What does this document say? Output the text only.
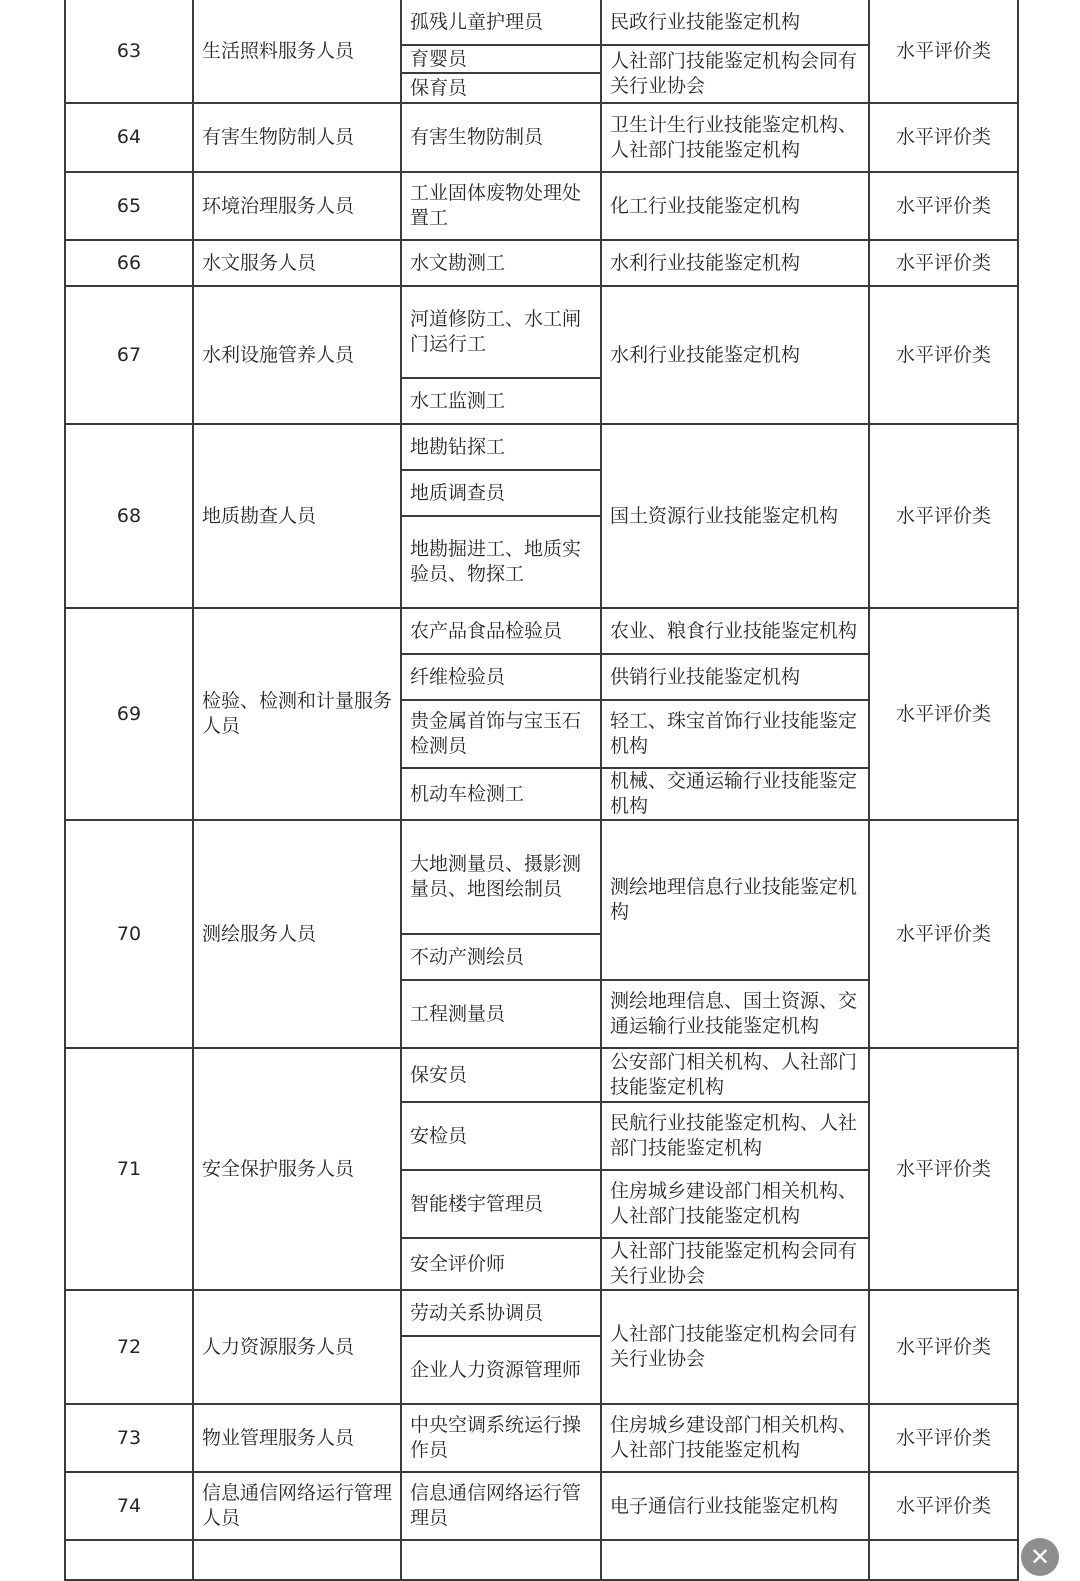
63	生活照料服务人员	孤残儿童护理员	民政行业技能鉴定机构	水平评价类
		育婴员	人社部门技能鉴定机构会同有关行业协会	
		保育员		
64	有害生物防制人员	有害生物防制员	卫生计生行业技能鉴定机构、人社部门技能鉴定机构	水平评价类
65	环境治理服务人员	工业固体废物处理处置工	化工行业技能鉴定机构	水平评价类
66	水文服务人员	水文勘测工	水利行业技能鉴定机构	水平评价类
67	水利设施管养人员	河道修防工、水工闸门运行工	水利行业技能鉴定机构	水平评价类
		水工监测工		
68	地质勘查人员	地勘钻探工	国土资源行业技能鉴定机构	水平评价类
		地质调查员		
		地勘掘进工、地质实验员、物探工		
69	检验、检测和计量服务人员	农产品食品检验员	农业、粮食行业技能鉴定机构	水平评价类
		纤维检验员	供销行业技能鉴定机构	
		贵金属首饰与宝玉石检测员	轻工、珠宝首饰行业技能鉴定机构	
		机动车检测工	机械、交通运输行业技能鉴定机构	
70	测绘服务人员	大地测量员、摄影测量员、地图绘制员	测绘地理信息行业技能鉴定机构	水平评价类
		不动产测绘员		
		工程测量员	测绘地理信息、国土资源、交通运输行业技能鉴定机构	
71	安全保护服务人员	保安员	公安部门相关机构、人社部门技能鉴定机构	水平评价类
		安检员	民航行业技能鉴定机构、人社部门技能鉴定机构	
		智能楼宇管理员	住房城乡建设部门相关机构、人社部门技能鉴定机构	
		安全评价师	人社部门技能鉴定机构会同有关行业协会	
72	人力资源服务人员	劳动关系协调员	人社部门技能鉴定机构会同有关行业协会	水平评价类
		企业人力资源管理师		
73	物业管理服务人员	中央空调系统运行操作员	住房城乡建设部门相关机构、人社部门技能鉴定机构	水平评价类
74	信息通信网络运行管理人员	信息通信网络运行管理员	电子通信行业技能鉴定机构	水平评价类

✕
